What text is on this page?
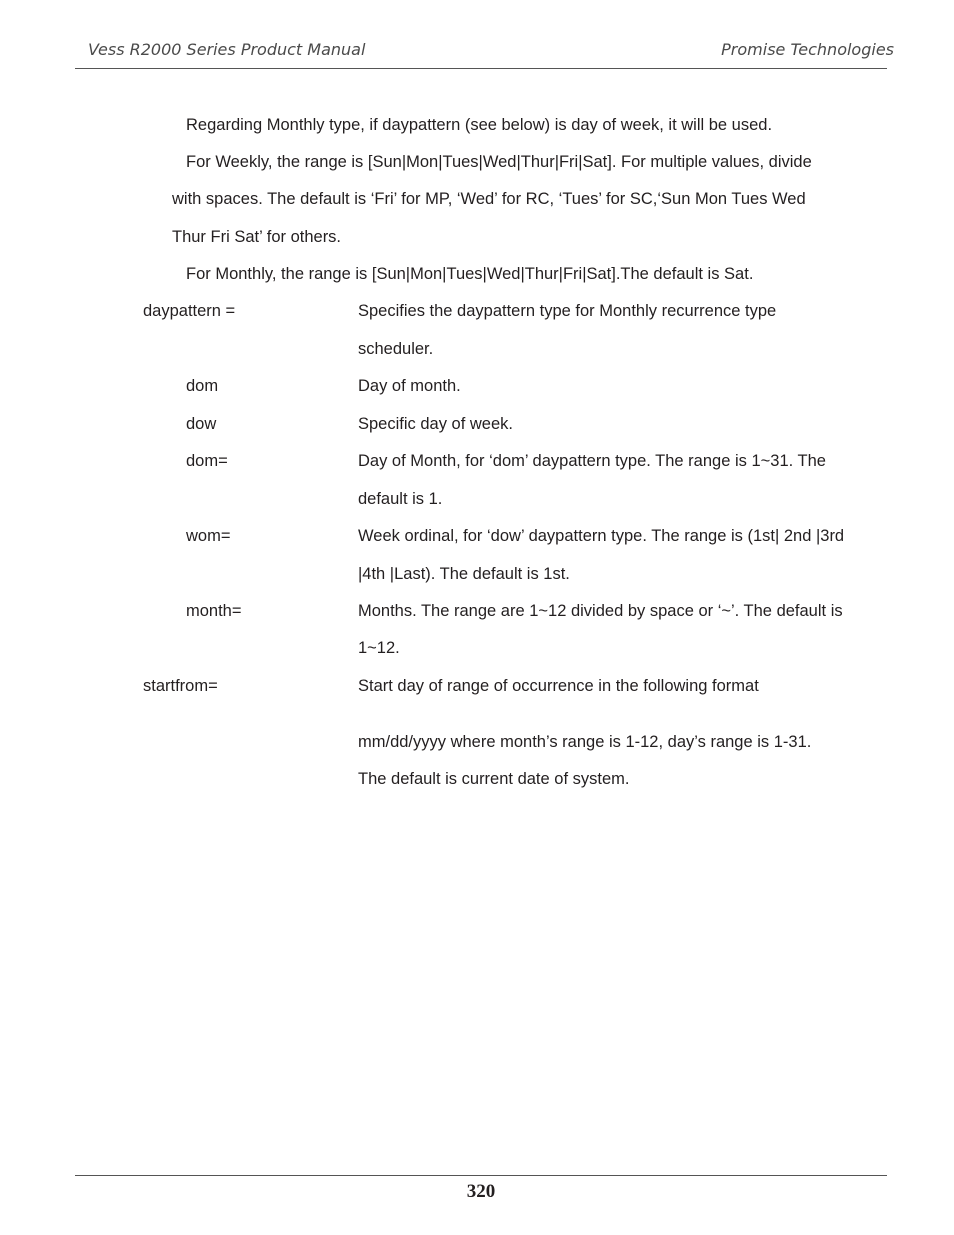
Vess R2000 Series Product Manual	Promise Technologies
Regarding Monthly type, if daypattern (see below) is day of week, it will be used.
For Weekly, the range is [Sun|Mon|Tues|Wed|Thur|Fri|Sat]. For multiple values, divide
with spaces. The default is ‘Fri’ for MP, ‘Wed’ for RC, ‘Tues’ for SC,‘Sun Mon Tues Wed
Thur Fri Sat’ for others.
For Monthly, the range is [Sun|Mon|Tues|Wed|Thur|Fri|Sat].The default is Sat.
daypattern =	Specifies the daypattern type for Monthly recurrence type
scheduler.
dom	Day of month.
dow	Specific day of week.
dom=	Day of Month, for ‘dom’ daypattern type. The range is 1~31. The
default is 1.
wom=	Week ordinal, for ‘dow’ daypattern type. The range is (1st| 2nd |3rd
|4th |Last). The default is 1st.
month=	Months. The range are 1~12 divided by space or ‘~’. The default is
1~12.
startfrom=	Start day of range of occurrence in the following format
mm/dd/yyyy where month’s range is 1-12, day’s range is 1-31.
The default is current date of system.
320
